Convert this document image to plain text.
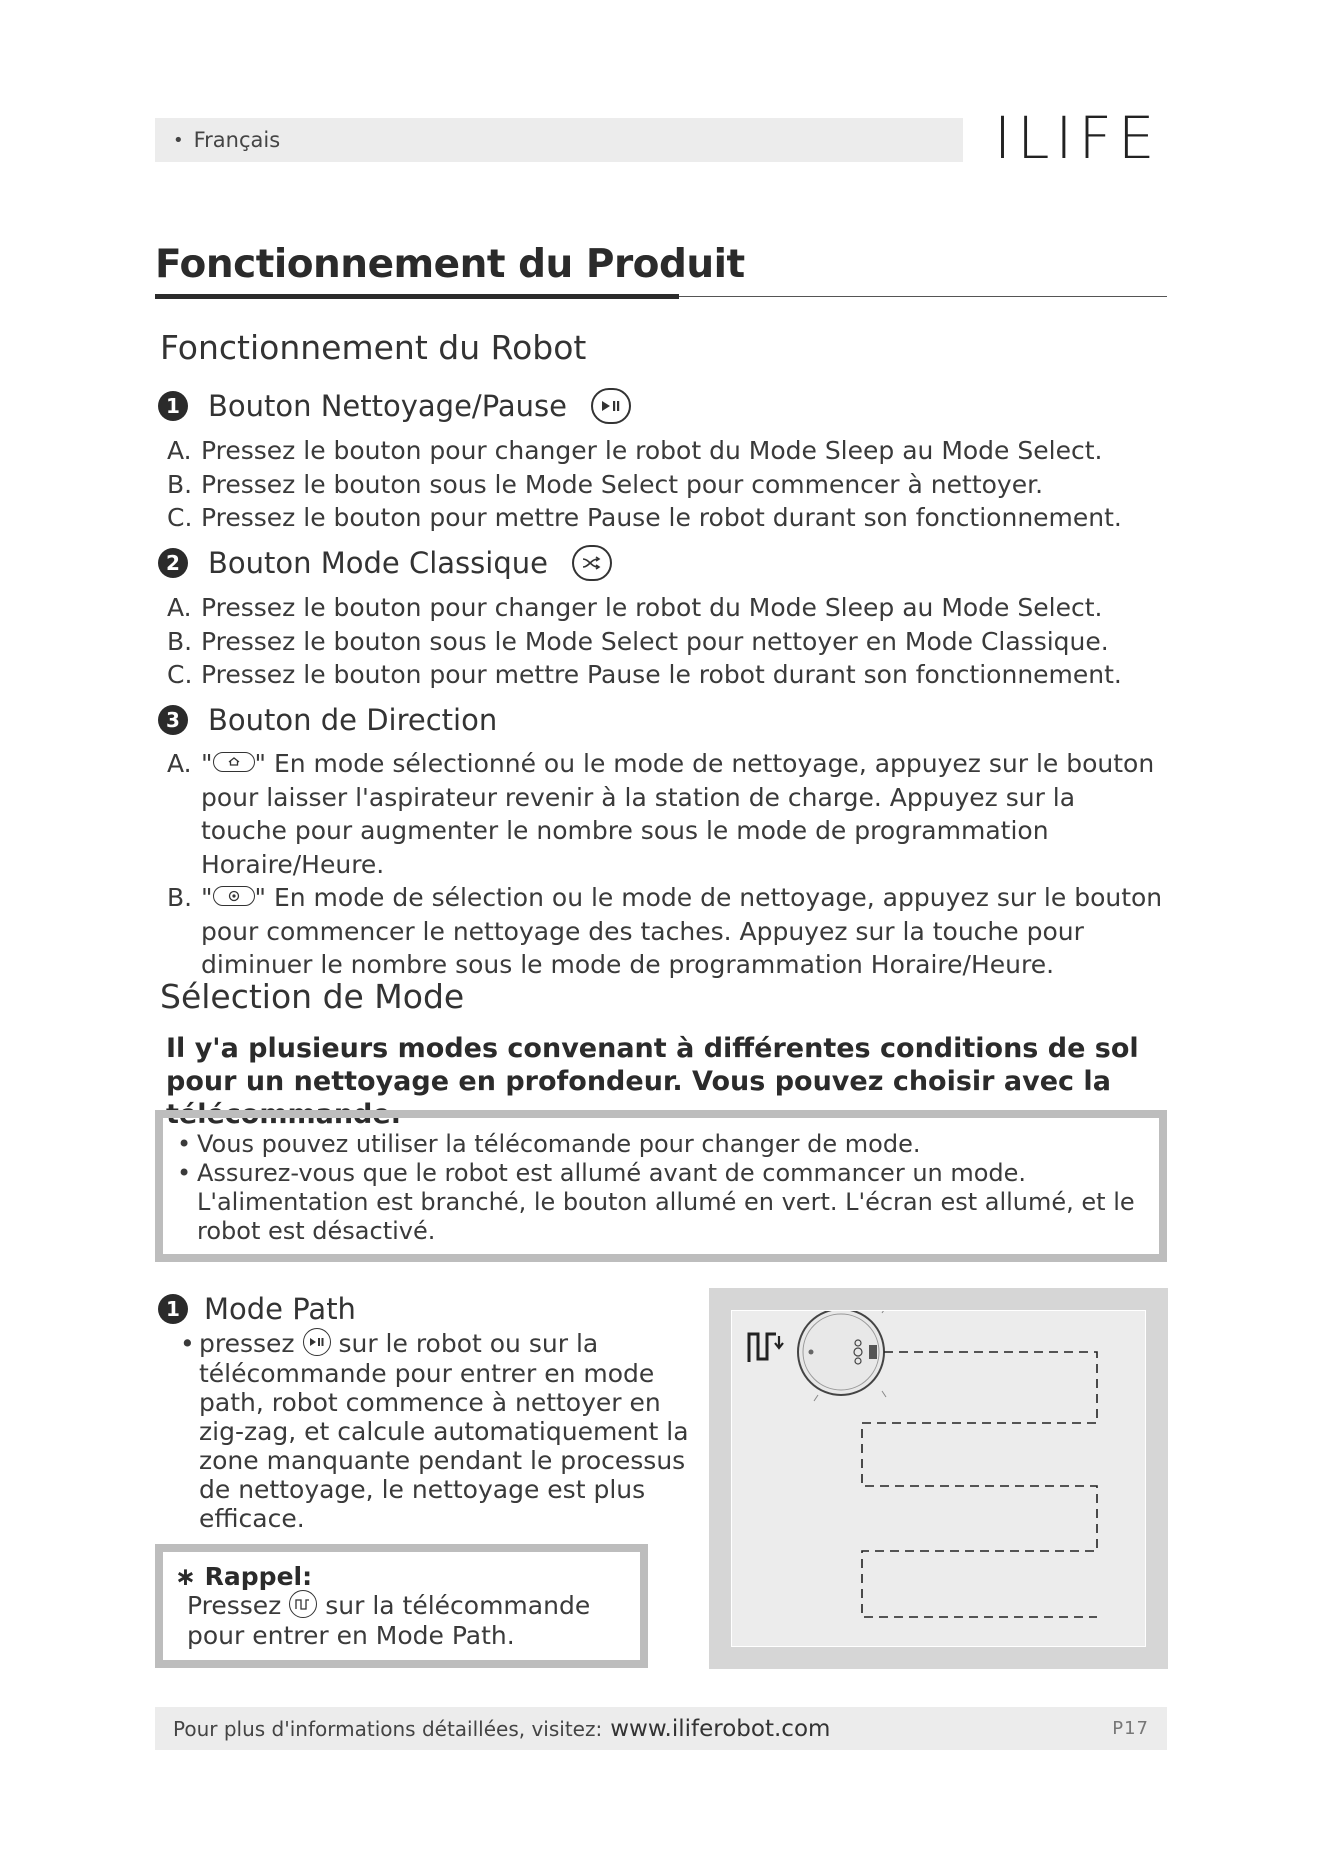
• Français	ILIFE
Fonctionnement du Produit
Fonctionnement du Robot
1 Bouton Nettoyage/Pause
A. Pressez le bouton pour changer le robot du Mode Sleep au Mode Select.
B. Pressez le bouton sous le Mode Select pour commencer à nettoyer.
C. Pressez le bouton pour mettre Pause le robot durant son fonctionnement.
2 Bouton Mode Classique
A. Pressez le bouton pour changer le robot du Mode Sleep au Mode Select.
B. Pressez le bouton sous le Mode Select pour nettoyer en Mode Classique.
C. Pressez le bouton pour mettre Pause le robot durant son fonctionnement.
3 Bouton de Direction
A. " " En mode sélectionné ou le mode de nettoyage, appuyez sur le bouton pour laisser l'aspirateur revenir à la station de charge. Appuyez sur la touche pour augmenter le nombre sous le mode de programmation Horaire/Heure.
B. " " En mode de sélection ou le mode de nettoyage, appuyez sur le bouton pour commencer le nettoyage des taches. Appuyez sur la touche pour diminuer le nombre sous le mode de programmation Horaire/Heure.
Sélection de Mode
Il y'a plusieurs modes convenant à différentes conditions de sol pour un nettoyage en profondeur. Vous pouvez choisir avec la télécommande.
• Vous pouvez utiliser la télécomande pour changer de mode.
• Assurez-vous que le robot est allumé avant de commancer un mode.
L'alimentation est branché, le bouton allumé en vert. L'écran est allumé, et le robot est désactivé.
1 Mode Path
• pressez sur le robot ou sur la télécommande pour entrer en mode path, robot commence à nettoyer en zig-zag, et calcule automatiquement la zone manquante pendant le processus de nettoyage, le nettoyage est plus efficace.
∗ Rappel:
Pressez sur la télécommande pour entrer en Mode Path.
Pour plus d'informations détaillées, visitez: www.iliferobot.com	P17
